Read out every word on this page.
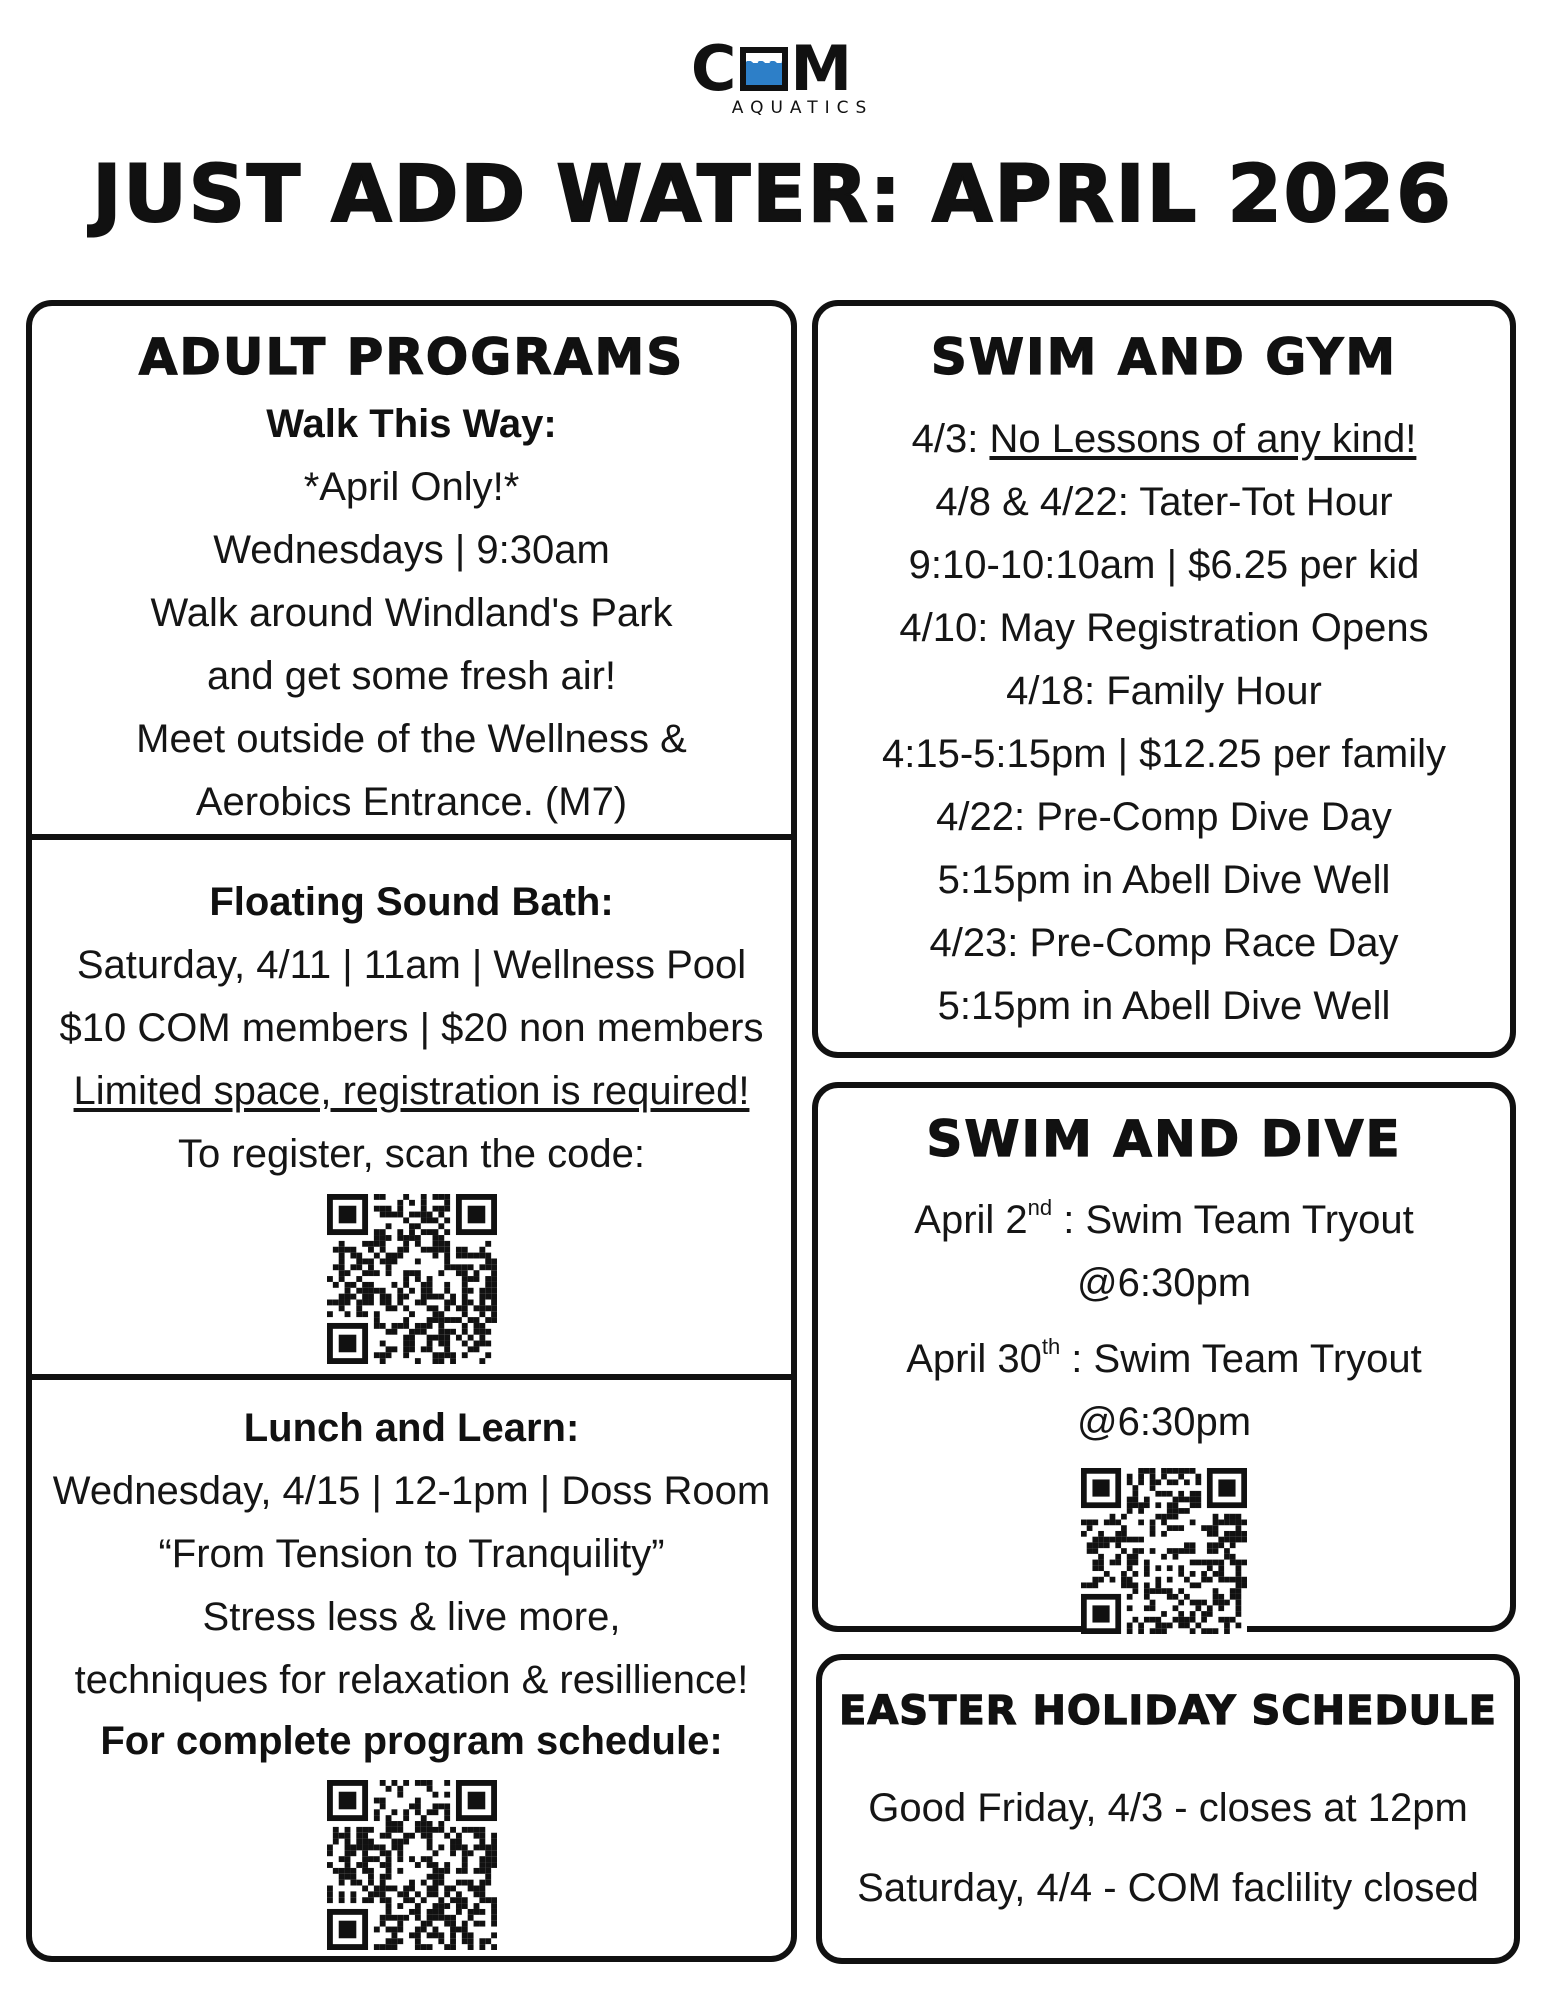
C M
AQUATICS
JUST ADD WATER: APRIL 2026
ADULT PROGRAMS
Walk This Way:
*April Only!*
Wednesdays | 9:30am
Walk around Windland's Park
and get some fresh air!
Meet outside of the Wellness &
Aerobics Entrance. (M7)
Floating Sound Bath:
Saturday, 4/11 | 11am | Wellness Pool
$10 COM members | $20 non members
Limited space, registration is required!
To register, scan the code:
Lunch and Learn:
Wednesday, 4/15 | 12-1pm | Doss Room
“From Tension to Tranquility”
Stress less & live more,
techniques for relaxation & resillience!
For complete program schedule:
SWIM AND GYM
4/3: No Lessons of any kind!
4/8 & 4/22: Tater-Tot Hour
9:10-10:10am | $6.25 per kid
4/10: May Registration Opens
4/18: Family Hour
4:15-5:15pm | $12.25 per family
4/22: Pre-Comp Dive Day
5:15pm in Abell Dive Well
4/23: Pre-Comp Race Day
5:15pm in Abell Dive Well
SWIM AND DIVE
April 2nd : Swim Team Tryout
@6:30pm
April 30th : Swim Team Tryout
@6:30pm
EASTER HOLIDAY SCHEDULE
Good Friday, 4/3 - closes at 12pm
Saturday, 4/4 - COM faclility closed
